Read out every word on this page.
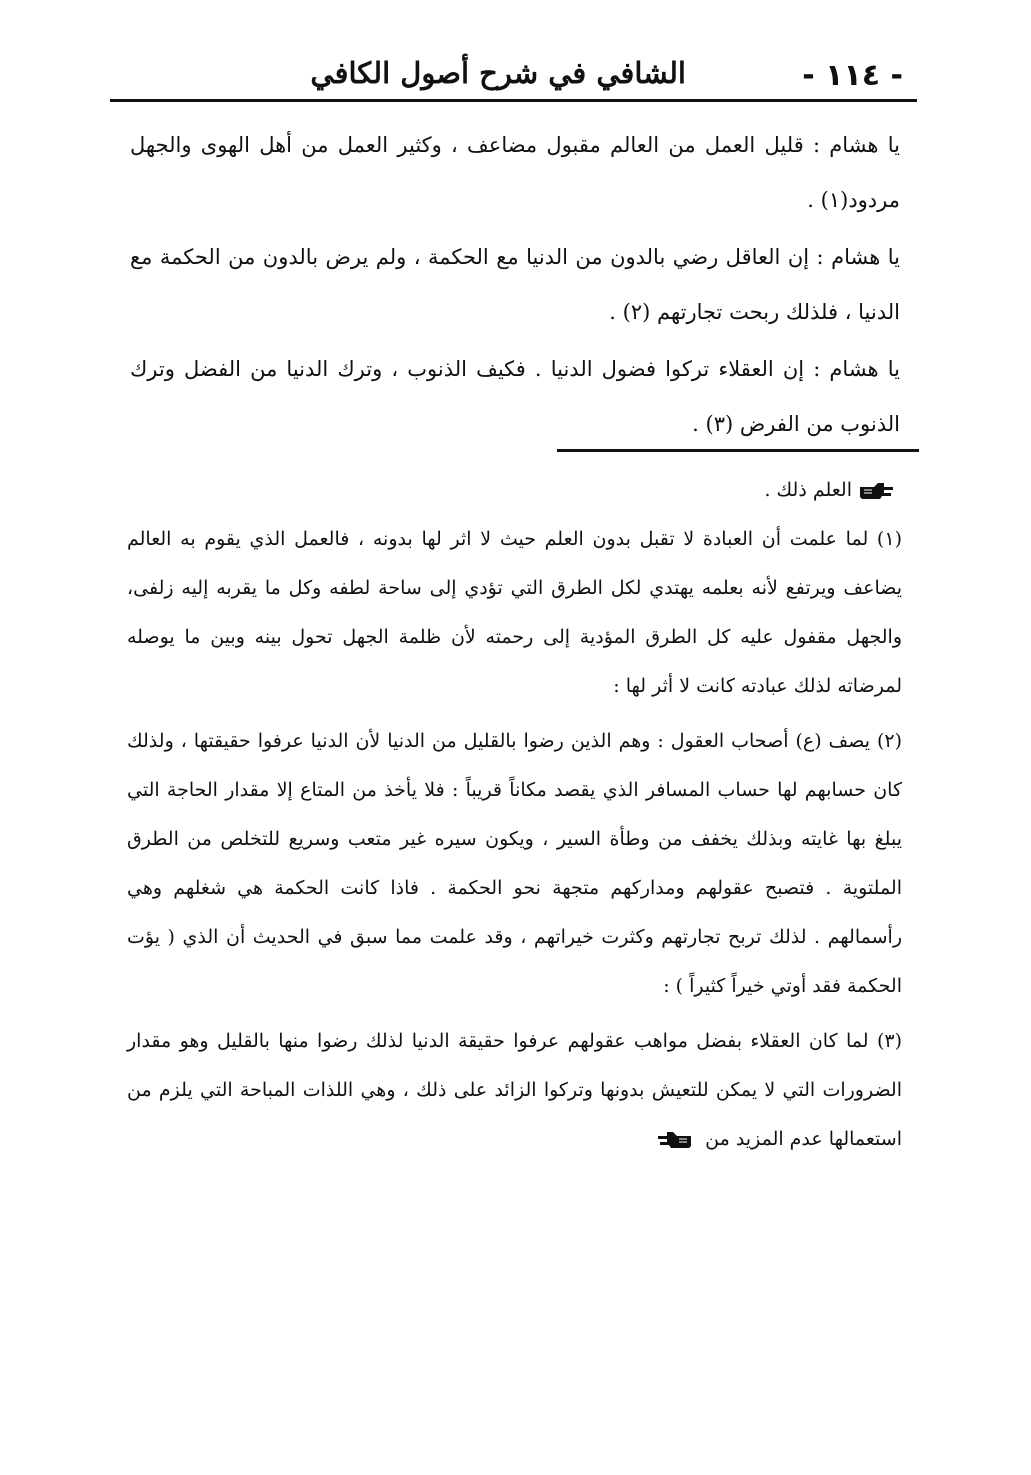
- ١١٤ -
الشافي في شرح أصول الكافي

يا هشام : قليل العمل من العالم مقبول مضاعف ، وكثير العمل من أهل الهوى والجهل مردود(١) .

يا هشام : إن العاقل رضي بالدون من الدنيا مع الحكمة ، ولم يرض بالدون من الحكمة مع الدنيا ، فلذلك ربحت تجارتهم (٢) .

يا هشام : إن العقلاء تركوا فضول الدنيا . فكيف الذنوب ، وترك الدنيا من الفضل وترك الذنوب من الفرض (٣) .

العلم ذلك .

(١) لما علمت أن العبادة لا تقبل بدون العلم حيث لا اثر لها بدونه ، فالعمل الذي يقوم به العالم يضاعف ويرتفع لأنه بعلمه يهتدي لكل الطرق التي تؤدي إلى ساحة لطفه وكل ما يقربه إليه زلفى، والجهل مقفول عليه كل الطرق المؤدية إلى رحمته لأن ظلمة الجهل تحول بينه وبين ما يوصله لمرضاته لذلك عبادته كانت لا أثر لها :

(٢) يصف (ع) أصحاب العقول : وهم الذين رضوا بالقليل من الدنيا لأن الدنيا عرفوا حقيقتها ، ولذلك كان حسابهم لها حساب المسافر الذي يقصد مكاناً قريباً : فلا يأخذ من المتاع إلا مقدار الحاجة التي يبلغ بها غايته وبذلك يخفف من وطأة السير ، ويكون سيره غير متعب وسريع للتخلص من الطرق الملتوية . فتصبح عقولهم ومداركهم متجهة نحو الحكمة . فاذا كانت الحكمة هي شغلهم وهي رأسمالهم . لذلك تربح تجارتهم وكثرت خيراتهم ، وقد علمت مما سبق في الحديث أن الذي ( يؤت الحكمة فقد أوتي خيراً كثيراً ) :

(٣) لما كان العقلاء بفضل مواهب عقولهم عرفوا حقيقة الدنيا لذلك رضوا منها بالقليل وهو مقدار الضرورات التي لا يمكن للتعيش بدونها وتركوا الزائد على ذلك ، وهي اللذات المباحة التي يلزم من استعمالها عدم المزيد من
